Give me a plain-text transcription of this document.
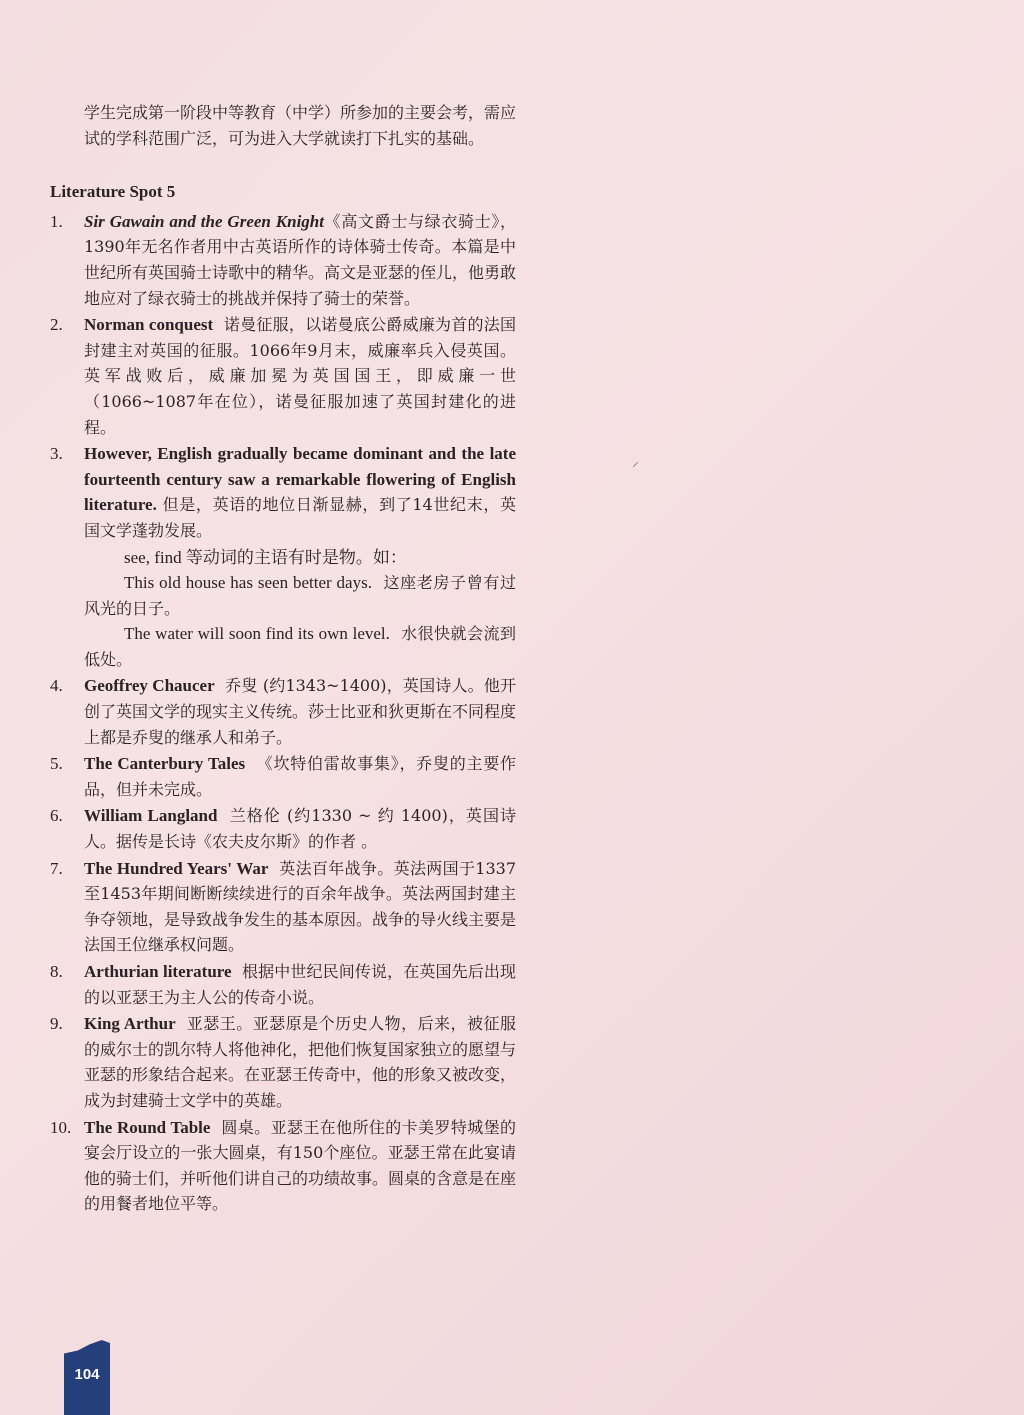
学生完成第一阶段中等教育（中学）所参加的主要会考，需应试的学科范围广泛，可为进入大学就读打下扎实的基础。

Literature Spot 5
1. Sir Gawain and the Green Knight《高文爵士与绿衣骑士》，1390年无名作者用中古英语所作的诗体骑士传奇。本篇是中世纪所有英国骑士诗歌中的精华。高文是亚瑟的侄儿，他勇敢地应对了绿衣骑士的挑战并保持了骑士的荣誉。
2. Norman conquest 诺曼征服，以诺曼底公爵威廉为首的法国封建主对英国的征服。1066年9月末，威廉率兵入侵英国。英军战败后，威廉加冕为英国国王，即威廉一世（1066~1087年在位），诺曼征服加速了英国封建化的进程。
3. However, English gradually became dominant and the late fourteenth century saw a remarkable flowering of English literature. 但是，英语的地位日渐显赫，到了14世纪末，英国文学蓬勃发展。
see, find 等动词的主语有时是物。如：
This old house has seen better days. 这座老房子曾有过风光的日子。
The water will soon find its own level. 水很快就会流到低处。
4. Geoffrey Chaucer 乔叟 (约1343~1400)，英国诗人。他开创了英国文学的现实主义传统。莎士比亚和狄更斯在不同程度上都是乔叟的继承人和弟子。
5. The Canterbury Tales 《坎特伯雷故事集》，乔叟的主要作品，但并未完成。
6. William Langland 兰格伦 (约1330 ~ 约 1400)，英国诗人。据传是长诗《农夫皮尔斯》的作者 。
7. The Hundred Years' War 英法百年战争。英法两国于1337至1453年期间断断续续进行的百余年战争。英法两国封建主争夺领地，是导致战争发生的基本原因。战争的导火线主要是法国王位继承权问题。
8. Arthurian literature 根据中世纪民间传说，在英国先后出现的以亚瑟王为主人公的传奇小说。
9. King Arthur 亚瑟王。亚瑟原是个历史人物，后来，被征服的威尔士的凯尔特人将他神化，把他们恢复国家独立的愿望与亚瑟的形象结合起来。在亚瑟王传奇中，他的形象又被改变，成为封建骑士文学中的英雄。
10. The Round Table 圆桌。亚瑟王在他所住的卡美罗特城堡的宴会厅设立的一张大圆桌，有150个座位。亚瑟王常在此宴请他的骑士们，并听他们讲自己的功绩故事。圆桌的含意是在座的用餐者地位平等。
⸝
104
